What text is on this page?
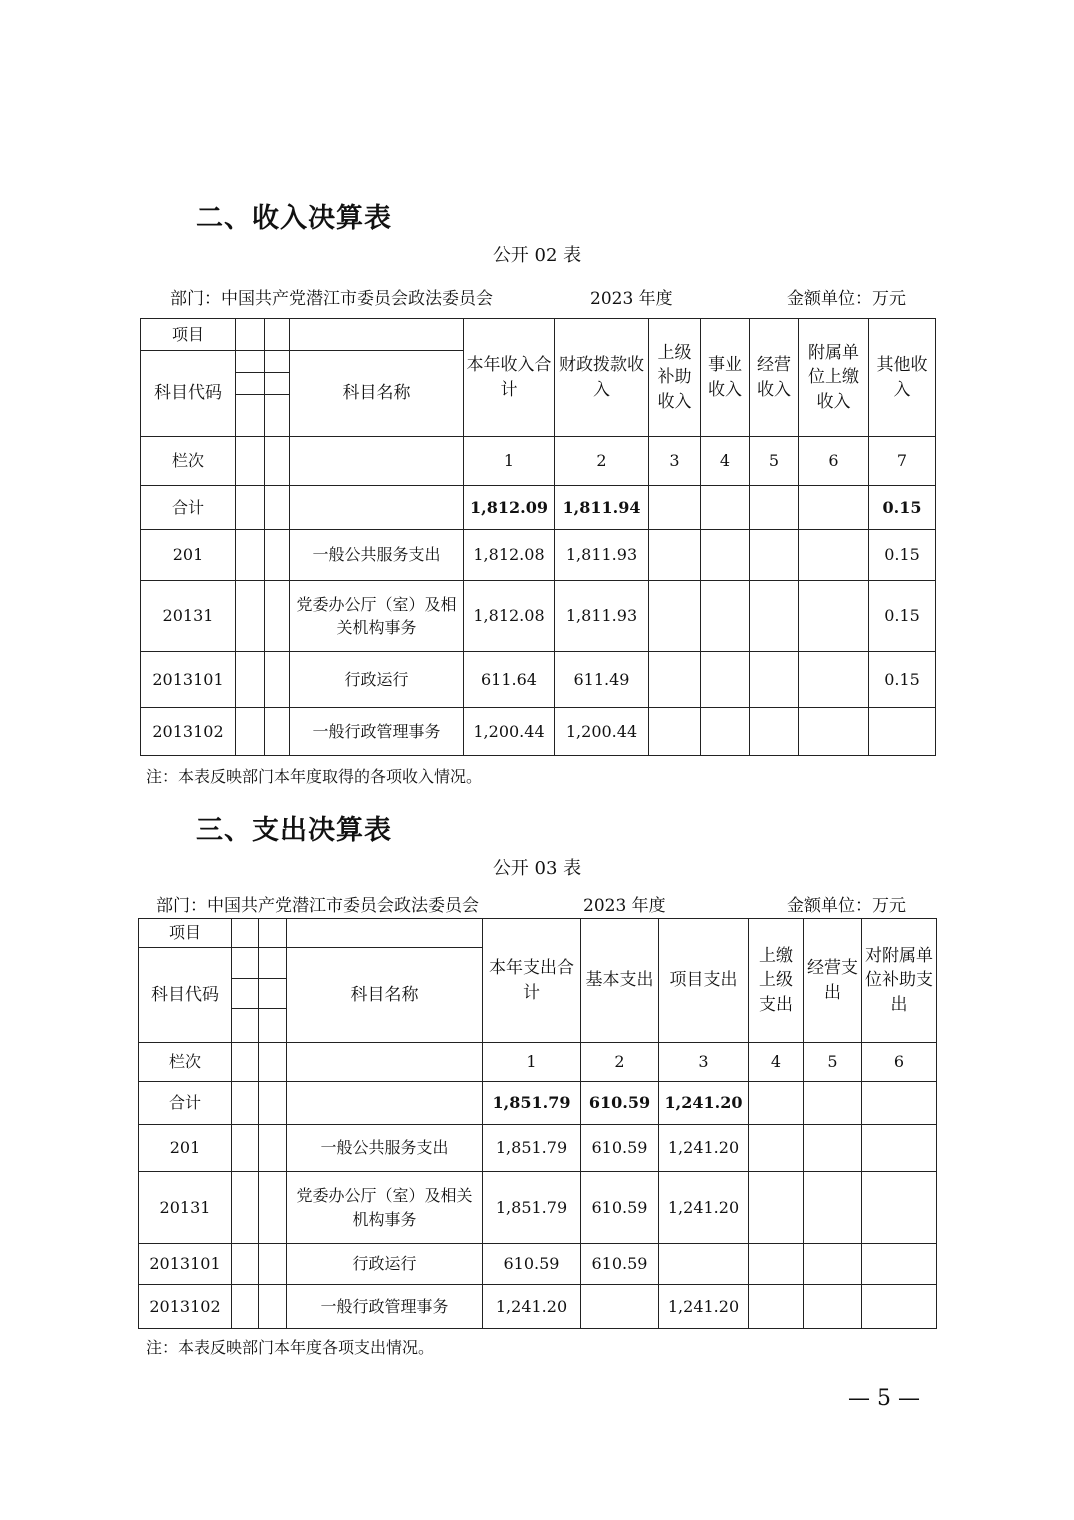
二、收入决算表
公开 02 表
部门：中国共产党潜江市委员会政法委员会	2023 年度	金额单位：万元
项目				本年收入合计	财政拨款收入	上级补助收入	事业收入	经营收入	附属单位上缴收入	其他收入
科目代码			科目名称							

栏次				1	2	3	4	5	6	7
合计				1,812.09	1,811.94					0.15
201			一般公共服务支出	1,812.08	1,811.93					0.15
20131			党委办公厅（室）及相关机构事务	1,812.08	1,811.93					0.15
2013101			行政运行	611.64	611.49					0.15
2013102			一般行政管理事务	1,200.44	1,200.44					
注：本表反映部门本年度取得的各项收入情况。
三、支出决算表
公开 03 表
部门：中国共产党潜江市委员会政法委员会	2023 年度	金额单位：万元
项目				本年支出合计	基本支出	项目支出	上缴上级支出	经营支出	对附属单位补助支出
科目代码			科目名称						

栏次				1	2	3	4	5	6
合计				1,851.79	610.59	1,241.20			
201			一般公共服务支出	1,851.79	610.59	1,241.20			
20131			党委办公厅（室）及相关机构事务	1,851.79	610.59	1,241.20			
2013101			行政运行	610.59	610.59				
2013102			一般行政管理事务	1,241.20		1,241.20			
注：本表反映部门本年度各项支出情况。
— 5 —
